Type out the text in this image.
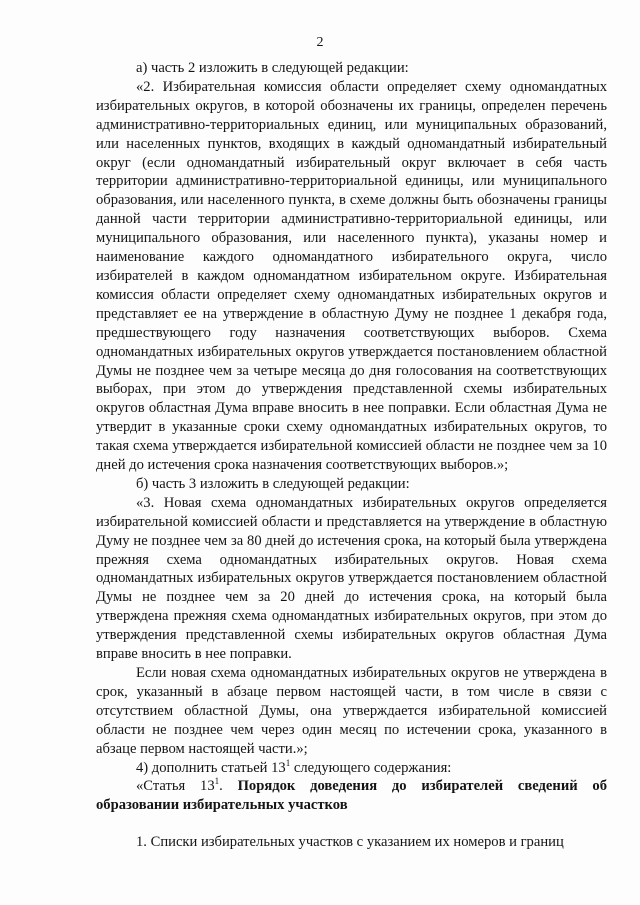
2

а) часть 2 изложить в следующей редакции:

«2. Избирательная комиссия области определяет схему одномандатных избирательных округов, в которой обозначены их границы, определен перечень административно-территориальных единиц, или муниципальных образований, или населенных пунктов, входящих в каждый одномандатный избирательный округ (если одномандатный избирательный округ включает в себя часть территории административно-территориальной единицы, или муниципального образования, или населенного пункта, в схеме должны быть обозначены границы данной части территории административно-территориальной единицы, или муниципального образования, или населенного пункта), указаны номер и наименование каждого одномандатного избирательного округа, число избирателей в каждом одномандатном избирательном округе. Избирательная комиссия области определяет схему одномандатных избирательных округов и представляет ее на утверждение в областную Думу не позднее 1 декабря года, предшествующего году назначения соответствующих выборов. Схема одномандатных избирательных округов утверждается постановлением областной Думы не позднее чем за четыре месяца до дня голосования на соответствующих выборах, при этом до утверждения представленной схемы избирательных округов областная Дума вправе вносить в нее поправки. Если областная Дума не утвердит в указанные сроки схему одномандатных избирательных округов, то такая схема утверждается избирательной комиссией области не позднее чем за 10 дней до истечения срока назначения соответствующих выборов.»;

б) часть 3 изложить в следующей редакции:

«3. Новая схема одномандатных избирательных округов определяется избирательной комиссией области и представляется на утверждение в областную Думу не позднее чем за 80 дней до истечения срока, на который была утверждена прежняя схема одномандатных избирательных округов. Новая схема одномандатных избирательных округов утверждается постановлением областной Думы не позднее чем за 20 дней до истечения срока, на который была утверждена прежняя схема одномандатных избирательных округов, при этом до утверждения представленной схемы избирательных округов областная Дума вправе вносить в нее поправки.

Если новая схема одномандатных избирательных округов не утверждена в срок, указанный в абзаце первом настоящей части, в том числе в связи с отсутствием областной Думы, она утверждается избирательной комиссией области не позднее чем через один месяц по истечении срока, указанного в абзаце первом настоящей части.»;

4) дополнить статьей $13^1$ следующего содержания:

«Статья $13^1$. Порядок доведения до избирателей сведений об образовании избирательных участков

1. Списки избирательных участков с указанием их номеров и границ
